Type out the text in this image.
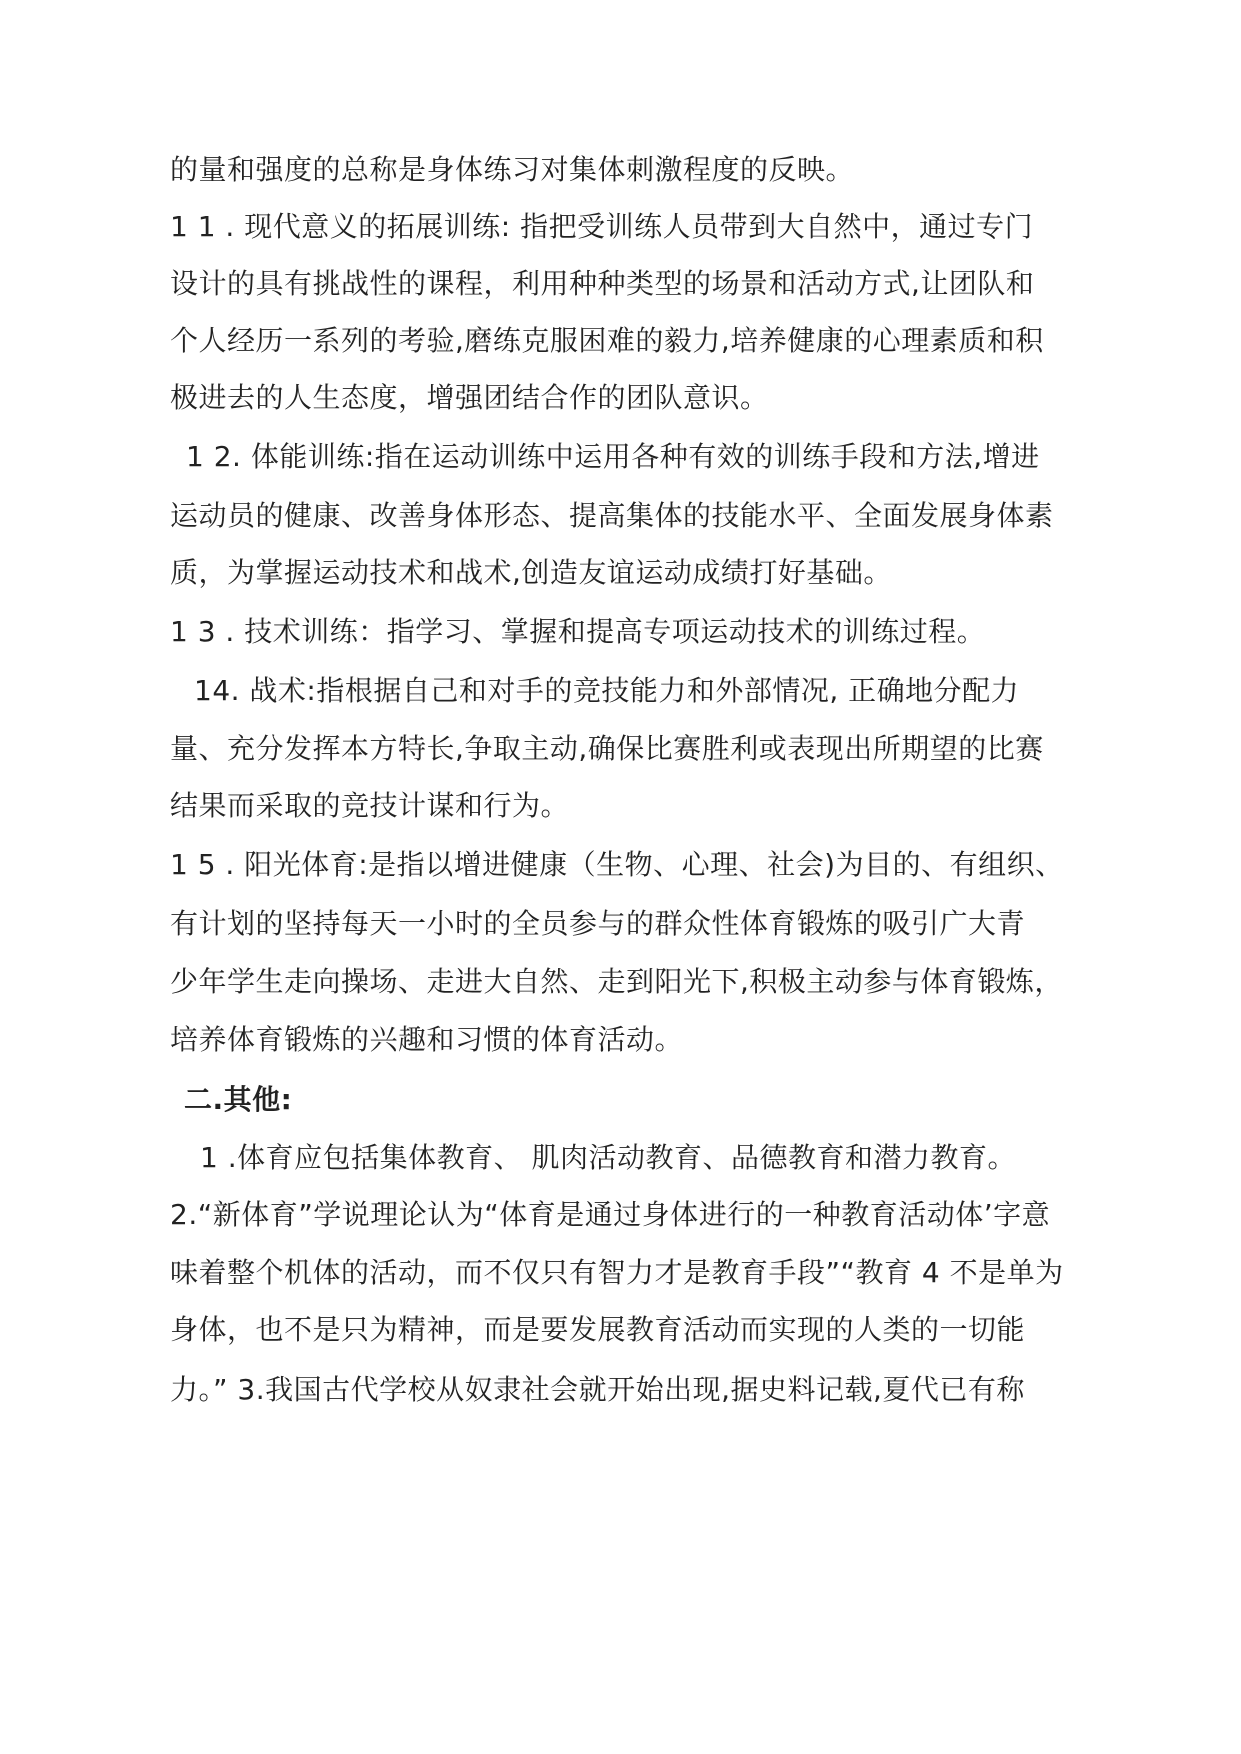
的量和强度的总称是身体练习对集体刺激程度的反映。
1 1 . 现代意义的拓展训练: 指把受训练人员带到大自然中，通过专门
设计的具有挑战性的课程，利用种种类型的场景和活动方式,让团队和
个人经历一系列的考验,磨练克服困难的毅力,培养健康的心理素质和积
极进去的人生态度，增强团结合作的团队意识。
1 2. 体能训练:指在运动训练中运用各种有效的训练手段和方法,增进
运动员的健康、改善身体形态、提高集体的技能水平、全面发展身体素
质，为掌握运动技术和战术,创造友谊运动成绩打好基础。
1 3 . 技术训练：指学习、掌握和提高专项运动技术的训练过程。
14. 战术:指根据自己和对手的竞技能力和外部情况, 正确地分配力
量、充分发挥本方特长,争取主动,确保比赛胜利或表现出所期望的比赛
结果而采取的竞技计谋和行为。
1 5 . 阳光体育:是指以增进健康（生物、心理、社会)为目的、有组织、
有计划的坚持每天一小时的全员参与的群众性体育锻炼的吸引广大青
少年学生走向操场、走进大自然、走到阳光下,积极主动参与体育锻炼，
培养体育锻炼的兴趣和习惯的体育活动。
二.其他:
1 .体育应包括集体教育、 肌肉活动教育、品德教育和潜力教育。
2.“新体育”学说理论认为“体育是通过身体进行的一种教育活动体’字意
味着整个机体的活动，而不仅只有智力才是教育手段”“教育 4 不是单为
身体，也不是只为精神，而是要发展教育活动而实现的人类的一切能
力。” 3.我国古代学校从奴隶社会就开始出现,据史料记载,夏代已有称
